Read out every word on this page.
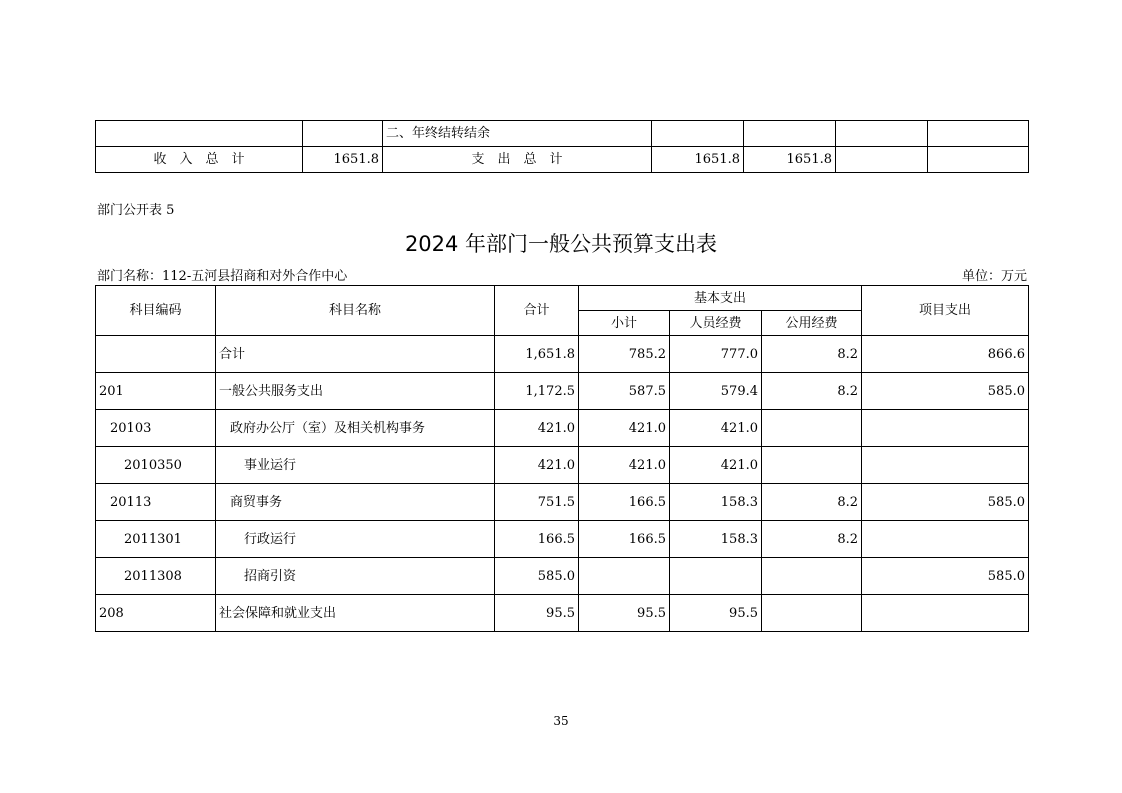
		二、年终结转结余				
收　入　总　计	1651.8	支　出　总　计	1651.8	1651.8		
部门公开表 5
2024 年部门一般公共预算支出表
部门名称：112-五河县招商和对外合作中心	单位：万元
科目编码	科目名称	合计	基本支出			项目支出
			小计	人员经费	公用经费	
	合计	1,651.8	785.2	777.0	8.2	866.6
201	一般公共服务支出	1,172.5	587.5	579.4	8.2	585.0
20103	政府办公厅（室）及相关机构事务	421.0	421.0	421.0		
2010350	事业运行	421.0	421.0	421.0		
20113	商贸事务	751.5	166.5	158.3	8.2	585.0
2011301	行政运行	166.5	166.5	158.3	8.2	
2011308	招商引资	585.0				585.0
208	社会保障和就业支出	95.5	95.5	95.5		
35
